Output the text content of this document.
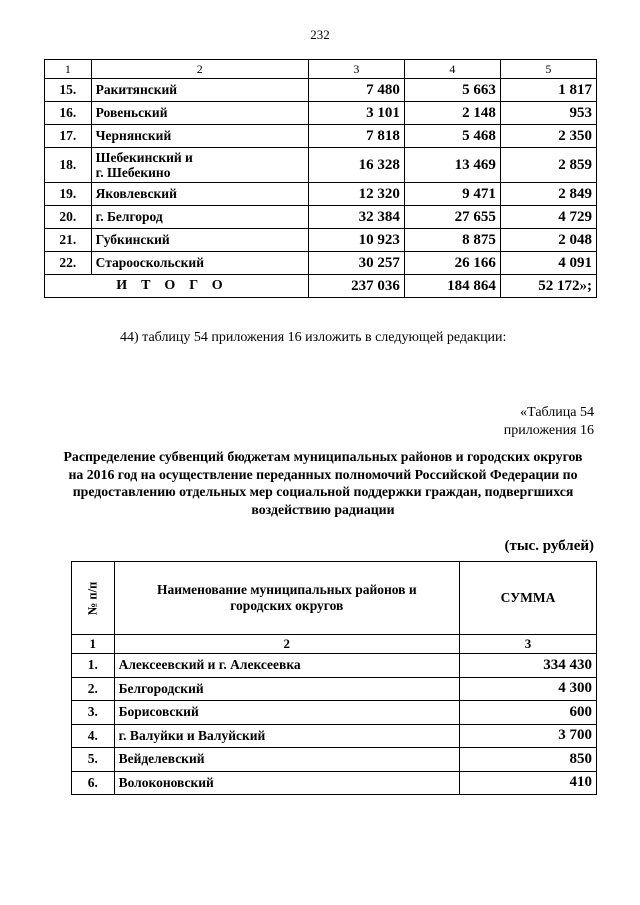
232
1	2	3	4	5
15.	Ракитянский	7 480	5 663	1 817
16.	Ровеньский	3 101	2 148	953
17.	Чернянский	7 818	5 468	2 350
18.	Шебекинский и
г. Шебекино	16 328	13 469	2 859
19.	Яковлевский	12 320	9 471	2 849
20.	г. Белгород	32 384	27 655	4 729
21.	Губкинский	10 923	8 875	2 048
22.	Старооскольский	30 257	26 166	4 091
ИТОГО		237 036	184 864	52 172»;
44) таблицу 54 приложения 16 изложить в следующей редакции:
«Таблица 54
приложения 16
Распределение субвенций бюджетам муниципальных районов и городских округов на 2016 год на осуществление переданных полномочий Российской Федерации по предоставлению отдельных мер социальной поддержки граждан, подвергшихся воздействию радиации
(тыс. рублей)
№ п/п	Наименование муниципальных районов и городских округов	СУММА
1	2	3
1.	Алексеевский и г. Алексеевка	334 430
2.	Белгородский	4 300
3.	Борисовский	600
4.	г. Валуйки и Валуйский	3 700
5.	Вейделевский	850
6.	Волоконовский	410
